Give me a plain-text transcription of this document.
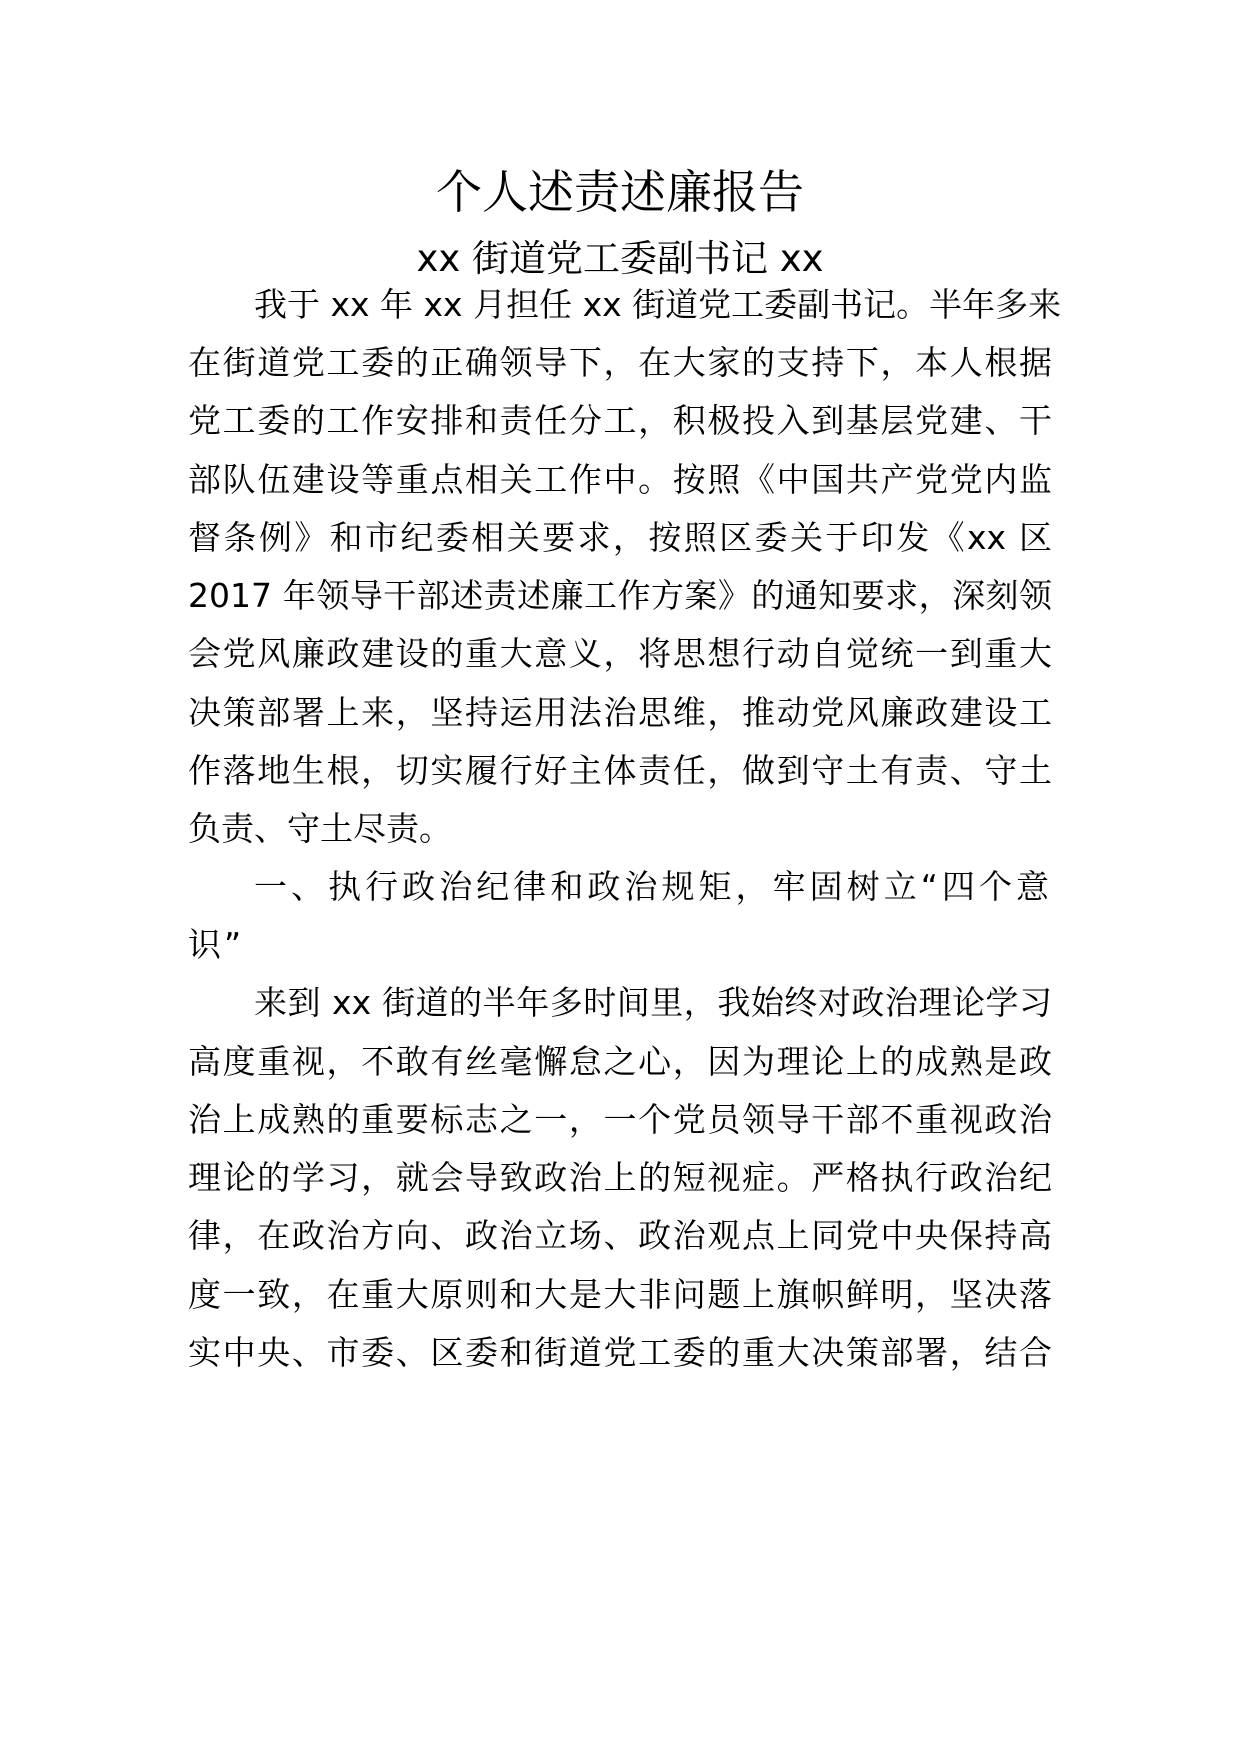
个人述责述廉报告

xx 街道党工委副书记 xx

我于 xx 年 xx 月担任 xx 街道党工委副书记。半年多来

在街道党工委的正确领导下，在大家的支持下，本人根据

党工委的工作安排和责任分工，积极投入到基层党建、干

部队伍建设等重点相关工作中。按照《中国共产党党内监

督条例》和市纪委相关要求，按照区委关于印发《xx 区

2017 年领导干部述责述廉工作方案》的通知要求，深刻领

会党风廉政建设的重大意义，将思想行动自觉统一到重大

决策部署上来，坚持运用法治思维，推动党风廉政建设工

作落地生根，切实履行好主体责任，做到守土有责、守土

负责、守土尽责。

一、执行政治纪律和政治规矩，牢固树立“四个意

识”

来到 xx 街道的半年多时间里，我始终对政治理论学习

高度重视，不敢有丝毫懈怠之心，因为理论上的成熟是政

治上成熟的重要标志之一，一个党员领导干部不重视政治

理论的学习，就会导致政治上的短视症。严格执行政治纪

律，在政治方向、政治立场、政治观点上同党中央保持高

度一致，在重大原则和大是大非问题上旗帜鲜明，坚决落

实中央、市委、区委和街道党工委的重大决策部署，结合
